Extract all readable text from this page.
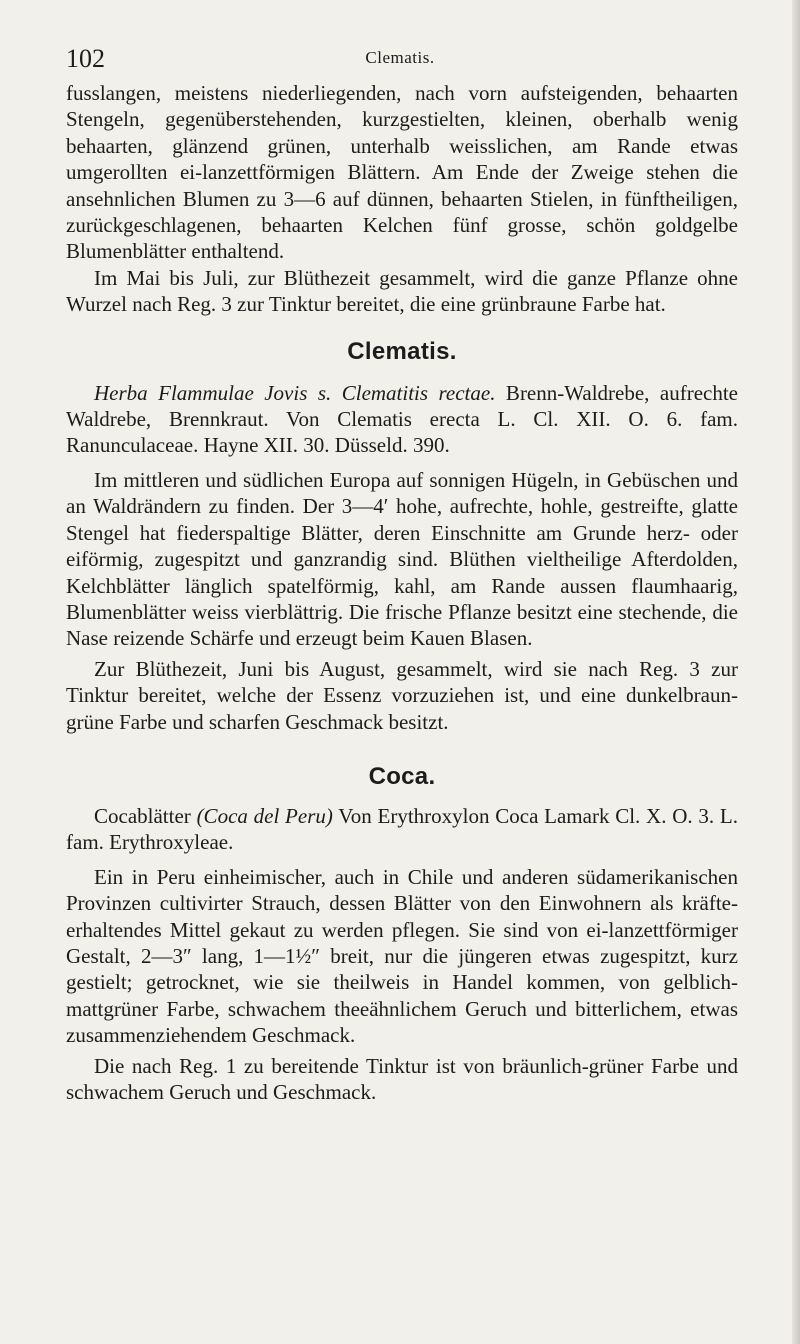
102	Clematis.

fusslangen, meistens niederliegenden, nach vorn aufsteigenden, behaarten Stengeln, gegenüberstehenden, kurzgestielten, kleinen, oberhalb wenig behaarten, glänzend grünen, unterhalb weisslichen, am Rande etwas umgerollten ei-lanzettförmigen Blättern. Am Ende der Zweige stehen die ansehnlichen Blumen zu 3—6 auf dünnen, behaarten Stielen, in fünftheiligen, zurückgeschlagenen, behaarten Kelchen fünf grosse, schön goldgelbe Blumenblätter enthaltend.

Im Mai bis Juli, zur Blüthezeit gesammelt, wird die ganze Pflanze ohne Wurzel nach Reg. 3 zur Tinktur bereitet, die eine grünbraune Farbe hat.

Clematis.

Herba Flammulae Jovis s. Clematitis rectae. Brenn-Waldrebe, aufrechte Waldrebe, Brennkraut. Von Clematis erecta L. Cl. XII. O. 6. fam. Ranunculaceae. Hayne XII. 30. Düsseld. 390.

Im mittleren und südlichen Europa auf sonnigen Hügeln, in Gebüschen und an Waldrändern zu finden. Der 3—4′ hohe, aufrechte, hohle, gestreifte, glatte Stengel hat fiederspaltige Blätter, deren Einschnitte am Grunde herz- oder eiförmig, zugespitzt und ganzrandig sind. Blüthen vieltheilige Afterdolden, Kelchblätter länglich spatelförmig, kahl, am Rande aussen flaumhaarig, Blumenblätter weiss vierblättrig. Die frische Pflanze besitzt eine stechende, die Nase reizende Schärfe und erzeugt beim Kauen Blasen.

Zur Blüthezeit, Juni bis August, gesammelt, wird sie nach Reg. 3 zur Tinktur bereitet, welche der Essenz vorzuziehen ist, und eine dunkelbraun-grüne Farbe und scharfen Geschmack besitzt.

Coca.

Cocablätter (Coca del Peru) Von Erythroxylon Coca Lamark Cl. X. O. 3. L. fam. Erythroxyleae.

Ein in Peru einheimischer, auch in Chile und anderen südamerikanischen Provinzen cultivirter Strauch, dessen Blätter von den Einwohnern als kräfte-erhaltendes Mittel gekaut zu werden pflegen. Sie sind von ei-lanzettförmiger Gestalt, 2—3″ lang, 1—1½″ breit, nur die jüngeren etwas zugespitzt, kurz gestielt; getrocknet, wie sie theilweis in Handel kommen, von gelblich-mattgrüner Farbe, schwachem theeähnlichem Geruch und bitterlichem, etwas zusammenziehendem Geschmack.

Die nach Reg. 1 zu bereitende Tinktur ist von bräunlich-grüner Farbe und schwachem Geruch und Geschmack.
